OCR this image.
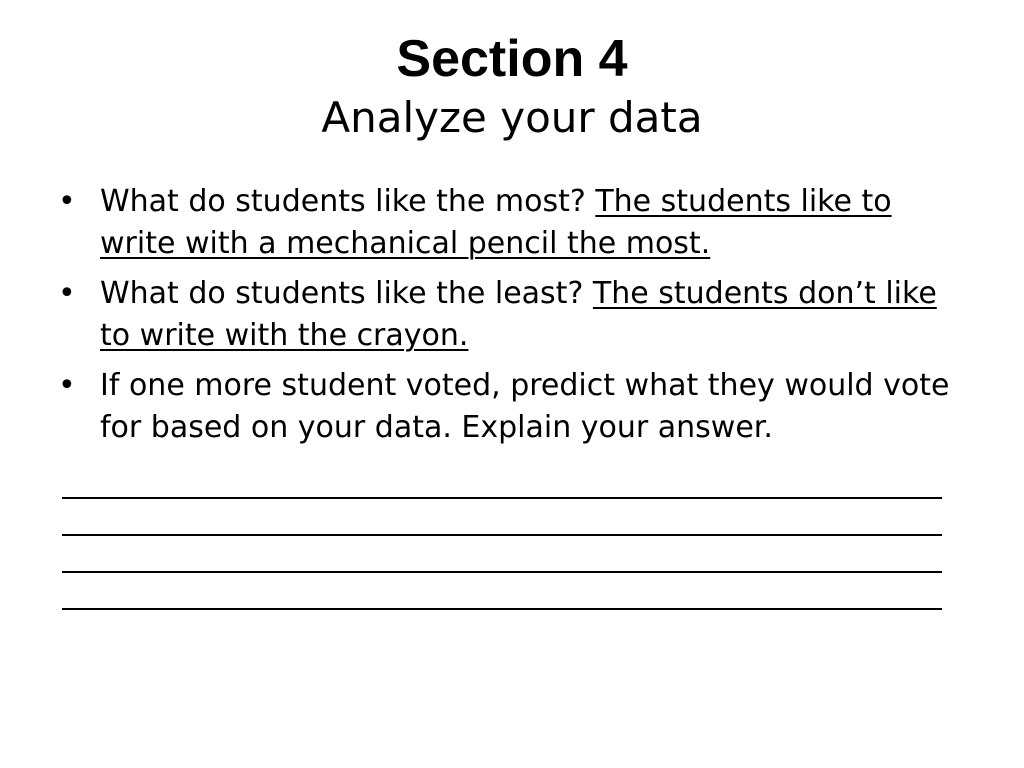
Section 4
Analyze your data
• What do students like the most? The students like to write with a mechanical pencil the most.
• What do students like the least? The students don’t like to write with the crayon.
• If one more student voted, predict what they would vote for based on your data. Explain your answer.
